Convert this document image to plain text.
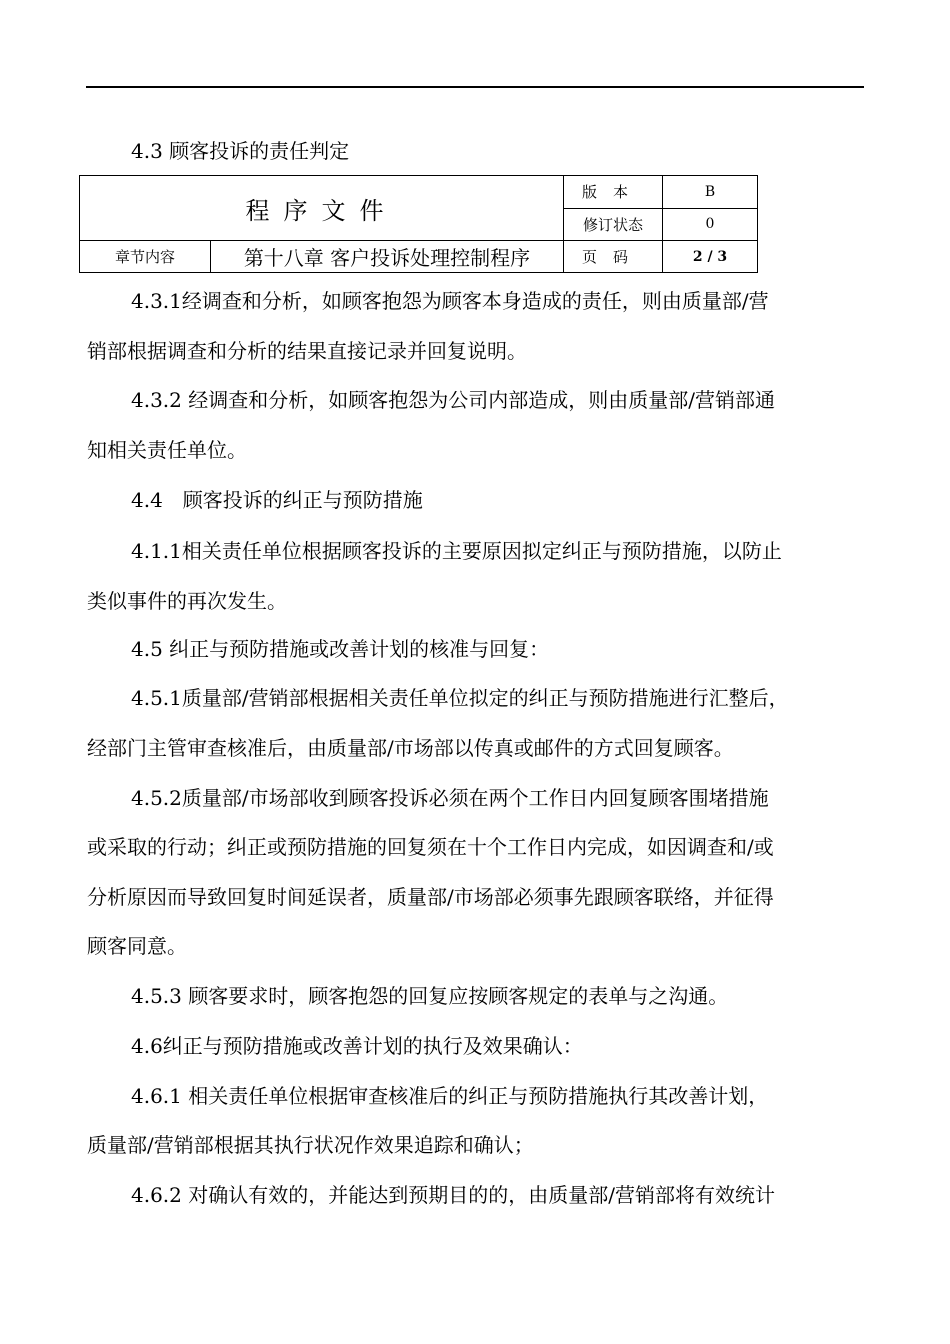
4.3 顾客投诉的责任判定
程序文件		版本	B
		修订状态	0
章节内容	第十八章 客户投诉处理控制程序	页码	2 / 3
4.3.1经调查和分析，如顾客抱怨为顾客本身造成的责任，则由质量部/营
销部根据调查和分析的结果直接记录并回复说明。
4.3.2 经调查和分析，如顾客抱怨为公司内部造成，则由质量部/营销部通
知相关责任单位。
4.4　顾客投诉的纠正与预防措施
4.1.1相关责任单位根据顾客投诉的主要原因拟定纠正与预防措施，以防止
类似事件的再次发生。
4.5 纠正与预防措施或改善计划的核准与回复：
4.5.1质量部/营销部根据相关责任单位拟定的纠正与预防措施进行汇整后，
经部门主管审查核准后，由质量部/市场部以传真或邮件的方式回复顾客。
4.5.2质量部/市场部收到顾客投诉必须在两个工作日内回复顾客围堵措施
或采取的行动；纠正或预防措施的回复须在十个工作日内完成，如因调查和/或
分析原因而导致回复时间延误者，质量部/市场部必须事先跟顾客联络，并征得
顾客同意。
4.5.3 顾客要求时，顾客抱怨的回复应按顾客规定的表单与之沟通。
4.6纠正与预防措施或改善计划的执行及效果确认：
4.6.1 相关责任单位根据审查核准后的纠正与预防措施执行其改善计划，
质量部/营销部根据其执行状况作效果追踪和确认；
4.6.2 对确认有效的，并能达到预期目的的，由质量部/营销部将有效统计
